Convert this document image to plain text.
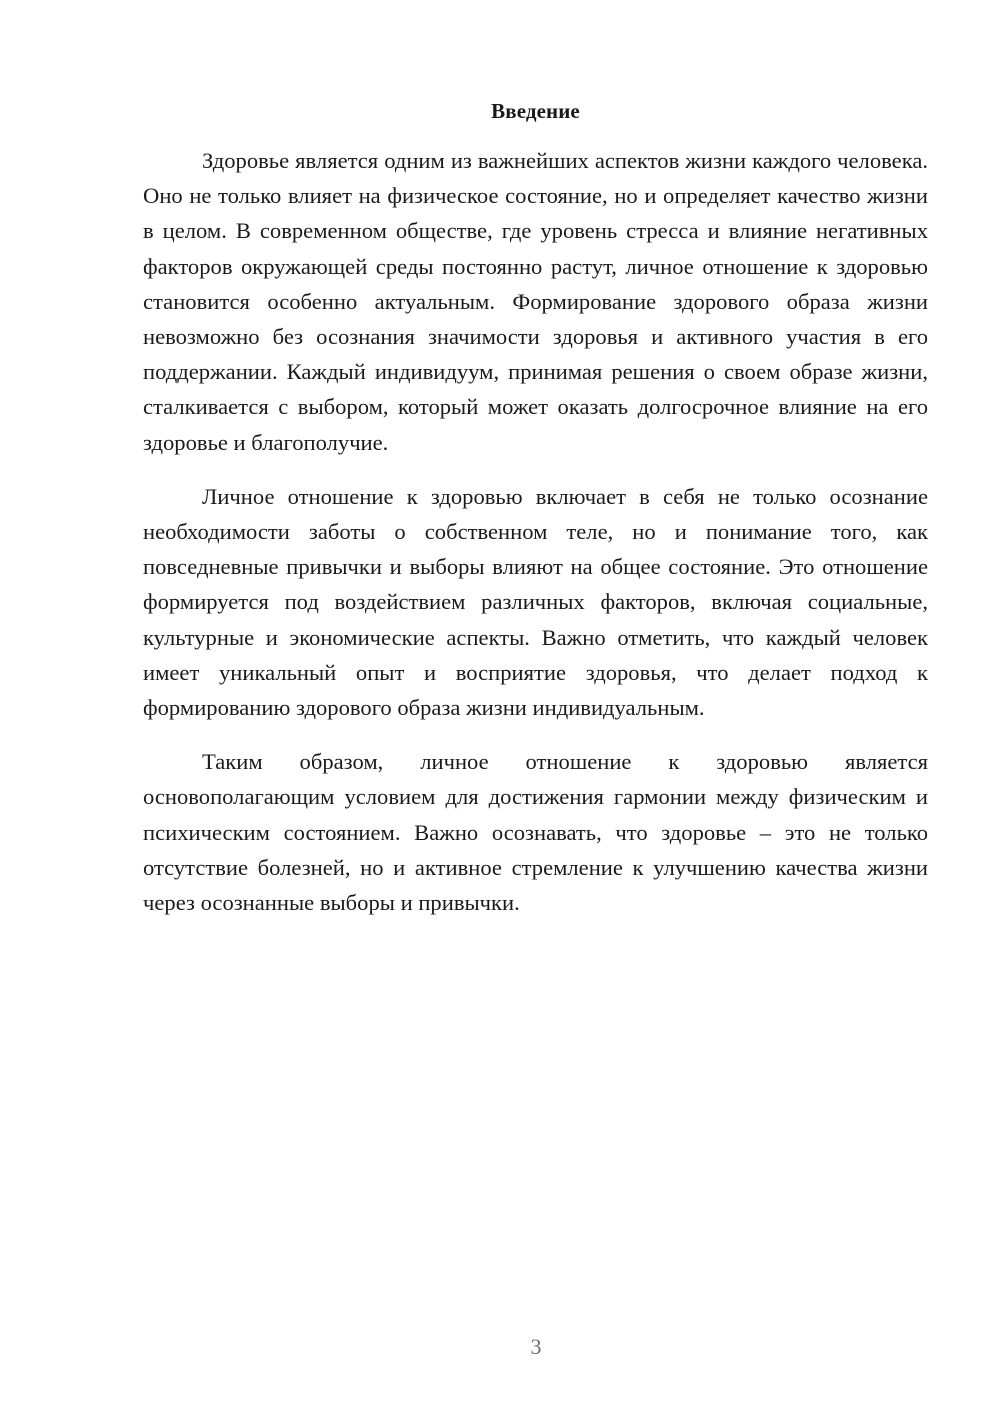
Введение

Здоровье является одним из важнейших аспектов жизни каждого человека. Оно не только влияет на физическое состояние, но и определяет качество жизни в целом. В современном обществе, где уровень стресса и влияние негативных факторов окружающей среды постоянно растут, личное отношение к здоровью становится особенно актуальным. Формирование здорового образа жизни невозможно без осознания значимости здоровья и активного участия в его поддержании. Каждый индивидуум, принимая решения о своем образе жизни, сталкивается с выбором, который может оказать долгосрочное влияние на его здоровье и благополучие.

Личное отношение к здоровью включает в себя не только осознание необходимости заботы о собственном теле, но и понимание того, как повседневные привычки и выборы влияют на общее состояние. Это отношение формируется под воздействием различных факторов, включая социальные, культурные и экономические аспекты. Важно отметить, что каждый человек имеет уникальный опыт и восприятие здоровья, что делает подход к формированию здорового образа жизни индивидуальным.

Таким образом, личное отношение к здоровью является основополагающим условием для достижения гармонии между физическим и психическим состоянием. Важно осознавать, что здоровье – это не только отсутствие болезней, но и активное стремление к улучшению качества жизни через осознанные выборы и привычки.

3
